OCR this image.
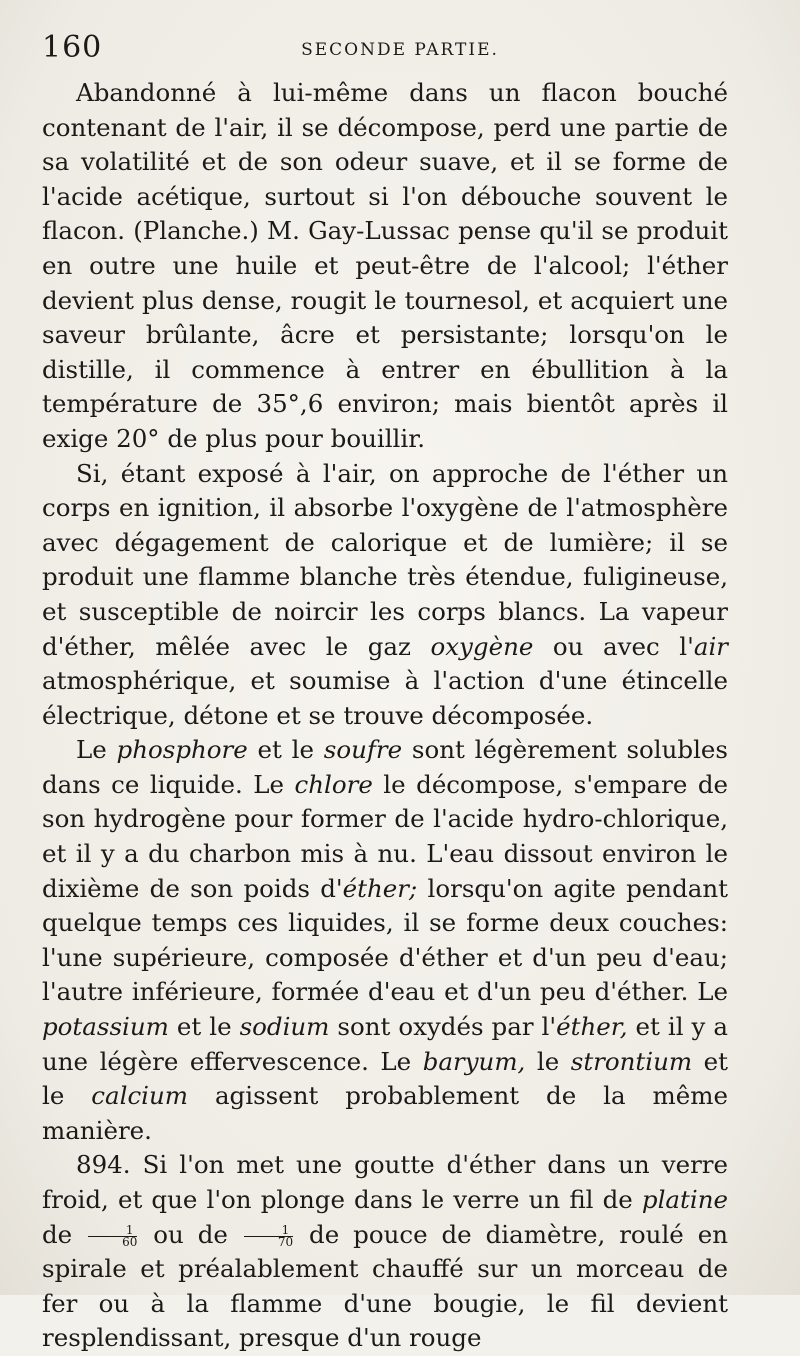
160	SECONDE PARTIE.

Abandonné à lui-même dans un flacon bouché contenant de l'air, il se décompose, perd une partie de sa volatilité et de son odeur suave, et il se forme de l'acide acétique, surtout si l'on débouche souvent le flacon. (Planche.) M. Gay-Lussac pense qu'il se produit en outre une huile et peut-être de l'alcool; l'éther devient plus dense, rougit le tournesol, et acquiert une saveur brûlante, âcre et persistante; lorsqu'on le distille, il commence à entrer en ébullition à la température de 35°,6 environ; mais bientôt après il exige 20° de plus pour bouillir.

Si, étant exposé à l'air, on approche de l'éther un corps en ignition, il absorbe l'oxygène de l'atmosphère avec dégagement de calorique et de lumière; il se produit une flamme blanche très étendue, fuligineuse, et susceptible de noircir les corps blancs. La vapeur d'éther, mêlée avec le gaz oxygène ou avec l'air atmosphérique, et soumise à l'action d'une étincelle électrique, détone et se trouve décomposée.

Le phosphore et le soufre sont légèrement solubles dans ce liquide. Le chlore le décompose, s'empare de son hydrogène pour former de l'acide hydro-chlorique, et il y a du charbon mis à nu. L'eau dissout environ le dixième de son poids d'éther; lorsqu'on agite pendant quelque temps ces liquides, il se forme deux couches: l'une supérieure, composée d'éther et d'un peu d'eau; l'autre inférieure, formée d'eau et d'un peu d'éther. Le potassium et le sodium sont oxydés par l'éther, et il y a une légère effervescence. Le baryum, le strontium et le calcium agissent probablement de la même manière.

894. Si l'on met une goutte d'éther dans un verre froid, et que l'on plonge dans le verre un fil de platine de $\frac{1}{60}$ ou de $\frac{1}{70}$ de pouce de diamètre, roulé en spirale et préalablement chauffé sur un morceau de fer ou à la flamme d'une bougie, le fil devient resplendissant, presque d'un rouge
